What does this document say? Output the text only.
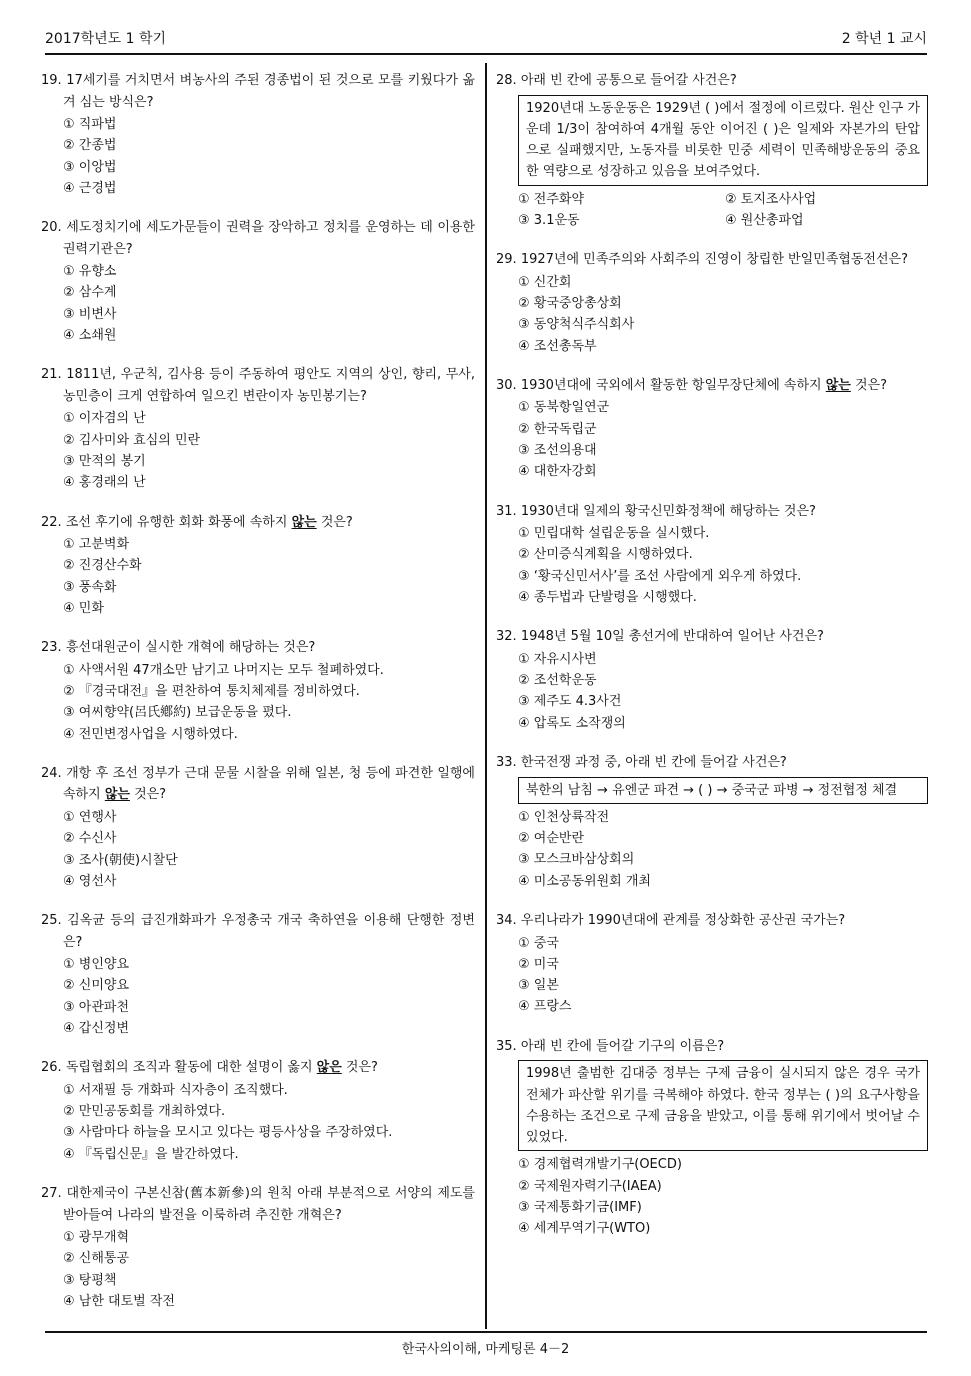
2017학년도 1 학기	2 학년 1 교시
19. 17세기를 거치면서 벼농사의 주된 경종법이 된 것으로 모를 키웠다가 옮겨 심는 방식은?
① 직파법
② 간종법
③ 이앙법
④ 근경법
20. 세도정치기에 세도가문들이 권력을 장악하고 정치를 운영하는 데 이용한 권력기관은?
① 유향소
② 삼수계
③ 비변사
④ 소쇄원
21. 1811년, 우군칙, 김사용 등이 주동하여 평안도 지역의 상인, 향리, 무사, 농민층이 크게 연합하여 일으킨 변란이자 농민봉기는?
① 이자겸의 난
② 김사미와 효심의 민란
③ 만적의 봉기
④ 홍경래의 난
22. 조선 후기에 유행한 회화 화풍에 속하지 않는 것은?
① 고분벽화
② 진경산수화
③ 풍속화
④ 민화
23. 흥선대원군이 실시한 개혁에 해당하는 것은?
① 사액서원 47개소만 남기고 나머지는 모두 철폐하였다.
② 『경국대전』을 편찬하여 통치체제를 정비하였다.
③ 여씨향약(呂氏鄕約) 보급운동을 폈다.
④ 전민변정사업을 시행하였다.
24. 개항 후 조선 정부가 근대 문물 시찰을 위해 일본, 청 등에 파견한 일행에 속하지 않는 것은?
① 연행사
② 수신사
③ 조사(朝使)시찰단
④ 영선사
25. 김옥균 등의 급진개화파가 우정총국 개국 축하연을 이용해 단행한 정변은?
① 병인양요
② 신미양요
③ 아관파천
④ 갑신정변
26. 독립협회의 조직과 활동에 대한 설명이 옳지 않은 것은?
① 서재필 등 개화파 식자층이 조직했다.
② 만민공동회를 개최하였다.
③ 사람마다 하늘을 모시고 있다는 평등사상을 주장하였다.
④ 『독립신문』을 발간하였다.
27. 대한제국이 구본신참(舊本新參)의 원칙 아래 부분적으로 서양의 제도를 받아들여 나라의 발전을 이룩하려 추진한 개혁은?
① 광무개혁
② 신해통공
③ 탕평책
④ 남한 대토벌 작전
28. 아래 빈 칸에 공통으로 들어갈 사건은?
1920년대 노동운동은 1929년 ( )에서 절정에 이르렀다. 원산 인구 가운데 1/3이 참여하여 4개월 동안 이어진 ( )은 일제와 자본가의 탄압으로 실패했지만, 노동자를 비롯한 민중 세력이 민족해방운동의 중요한 역량으로 성장하고 있음을 보여주었다.
① 전주화약	② 토지조사사업
③ 3.1운동	④ 원산총파업
29. 1927년에 민족주의와 사회주의 진영이 창립한 반일민족협동전선은?
① 신간회
② 황국중앙총상회
③ 동양척식주식회사
④ 조선총독부
30. 1930년대에 국외에서 활동한 항일무장단체에 속하지 않는 것은?
① 동북항일연군
② 한국독립군
③ 조선의용대
④ 대한자강회
31. 1930년대 일제의 황국신민화정책에 해당하는 것은?
① 민립대학 설립운동을 실시했다.
② 산미증식계획을 시행하였다.
③ ‘황국신민서사’를 조선 사람에게 외우게 하였다.
④ 종두법과 단발령을 시행했다.
32. 1948년 5월 10일 총선거에 반대하여 일어난 사건은?
① 자유시사변
② 조선학운동
③ 제주도 4.3사건
④ 압록도 소작쟁의
33. 한국전쟁 과정 중, 아래 빈 칸에 들어갈 사건은?
북한의 남침 → 유엔군 파견 → ( ) → 중국군 파병 → 정전협정 체결
① 인천상륙작전
② 여순반란
③ 모스크바삼상회의
④ 미소공동위원회 개최
34. 우리나라가 1990년대에 관계를 정상화한 공산권 국가는?
① 중국
② 미국
③ 일본
④ 프랑스
35. 아래 빈 칸에 들어갈 기구의 이름은?
1998년 출범한 김대중 정부는 구제 금융이 실시되지 않은 경우 국가 전체가 파산할 위기를 극복해야 하였다. 한국 정부는 ( )의 요구사항을 수용하는 조건으로 구제 금융을 받았고, 이를 통해 위기에서 벗어날 수 있었다.
① 경제협력개발기구(OECD)
② 국제원자력기구(IAEA)
③ 국제통화기금(IMF)
④ 세계무역기구(WTO)
한국사의이해, 마케팅론 4－2
